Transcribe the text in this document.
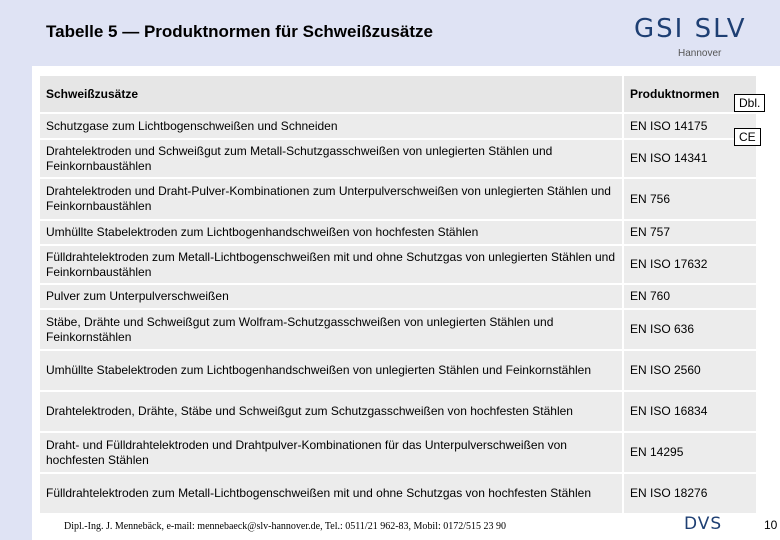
Tabelle 5 — Produktnormen für Schweißzusätze	GSI SLV
Hannover
Schweißzusätze	Produktnormen
Schutzgase zum Lichtbogenschweißen und Schneiden	EN ISO 14175
Drahtelektroden und Schweißgut zum Metall-Schutzgasschweißen von unlegierten Stählen und Feinkornbaustählen	EN ISO 14341
Drahtelektroden und Draht-Pulver-Kombinationen zum Unterpulverschweißen von unlegierten Stählen und Feinkornbaustählen	EN 756
Umhüllte Stabelektroden zum Lichtbogenhandschweißen von hochfesten Stählen	EN 757
Fülldrahtelektroden zum Metall-Lichtbogenschweißen mit und ohne Schutzgas von unlegierten Stählen und Feinkornbaustählen	EN ISO 17632
Pulver zum Unterpulverschweißen	EN 760
Stäbe, Drähte und Schweißgut zum Wolfram-Schutzgasschweißen von unlegierten Stählen und Feinkornstählen	EN ISO 636
Umhüllte Stabelektroden zum Lichtbogenhandschweißen von unlegierten Stählen und Feinkornstählen	EN ISO 2560
Drahtelektroden, Drähte, Stäbe und Schweißgut zum Schutzgasschweißen von hochfesten Stählen	EN ISO 16834
Draht- und Fülldrahtelektroden und Drahtpulver-Kombinationen für das Unterpulverschweißen von hochfesten Stählen	EN 14295
Fülldrahtelektroden zum Metall-Lichtbogenschweißen mit und ohne Schutzgas von hochfesten Stählen	EN ISO 18276
Dbl.
CE
Dipl.-Ing. J. Mennebäck, e-mail: mennebaeck@slv-hannover.de, Tel.: 0511/21 962-83, Mobil: 0172/515 23 90	DVS	10
